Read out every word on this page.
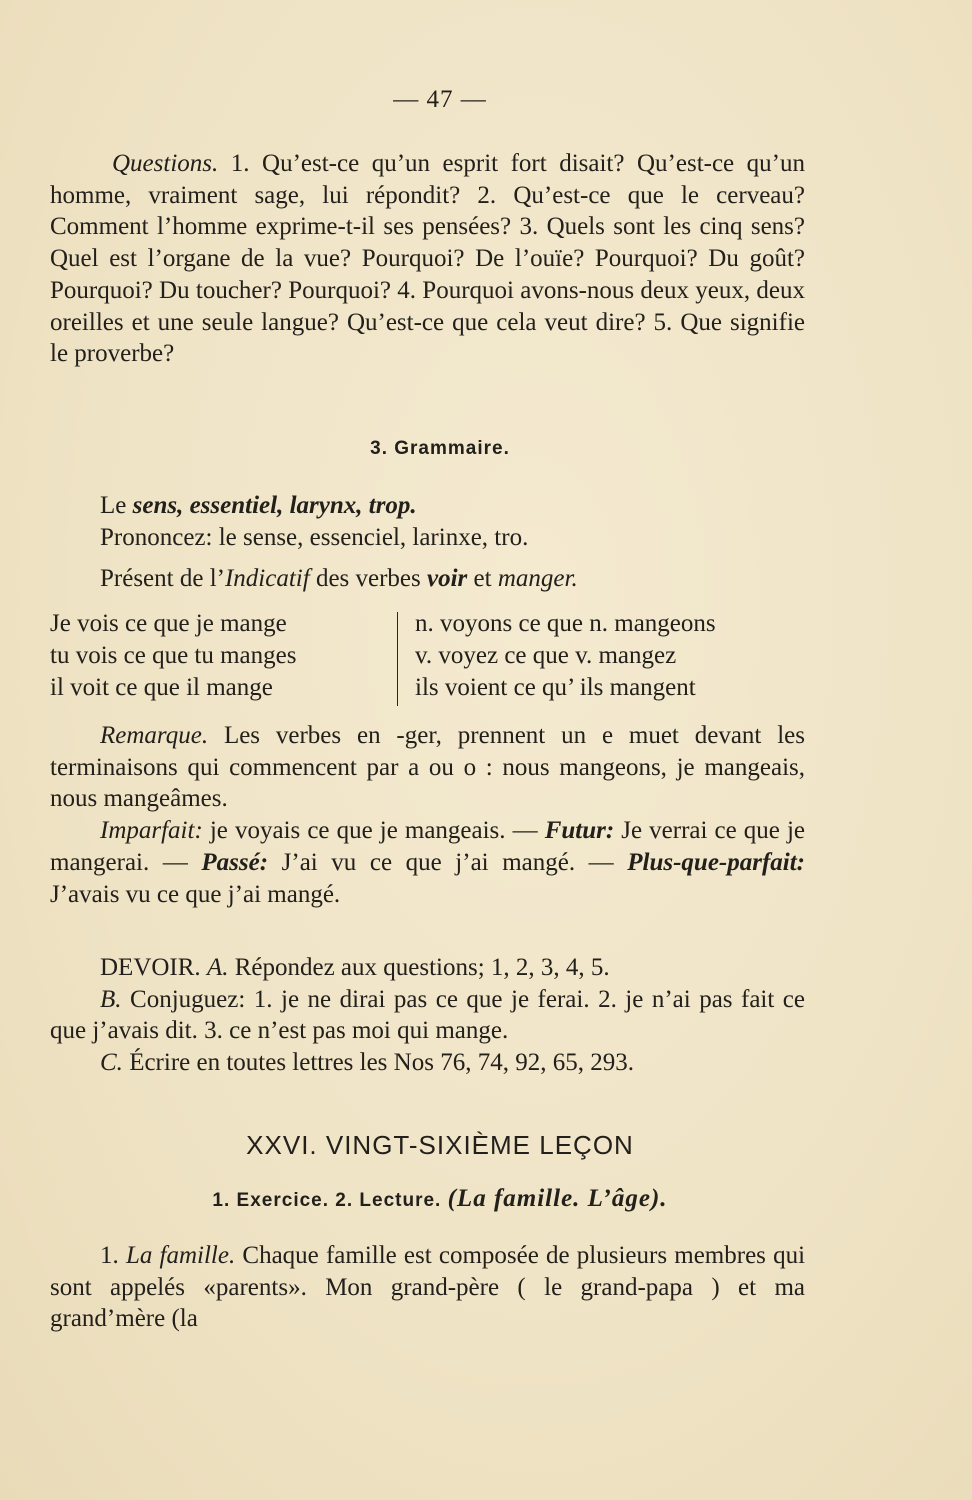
— 47 —

Questions. 1. Qu’est-ce qu’un esprit fort disait? Qu’est-ce qu’un homme, vraiment sage, lui répondit? 2. Qu’est-ce que le cerveau? Comment l’homme exprime-t-il ses pensées? 3. Quels sont les cinq sens? Quel est l’organe de la vue? Pourquoi? De l’ouïe? Pourquoi? Du goût? Pourquoi? Du toucher? Pourquoi? 4. Pourquoi avons-nous deux yeux, deux oreilles et une seule langue? Qu’est-ce que cela veut dire? 5. Que signifie le proverbe?

3. Grammaire.
Le sens, essentiel, larynx, trop.
Prononcez: le sense, essenciel, larinxe, tro.
Présent de l’Indicatif des verbes voir et manger.
Je vois ce que je mange
tu vois ce que tu manges
il voit ce que il mange
n. voyons ce que n. mangeons
v. voyez ce que v. mangez
ils voient ce qu’ ils mangent

Remarque. Les verbes en -ger, prennent un e muet devant les terminaisons qui commencent par a ou o : nous mangeons, je mangeais, nous mangeâmes.

Imparfait: je voyais ce que je mangeais. — Futur: Je verrai ce que je mangerai. — Passé: J’ai vu ce que j’ai mangé. — Plus-que-parfait: J’avais vu ce que j’ai mangé.

DEVOIR. A. Répondez aux questions; 1, 2, 3, 4, 5.

B. Conjuguez: 1. je ne dirai pas ce que je ferai. 2. je n’ai pas fait ce que j’avais dit. 3. ce n’est pas moi qui mange.

C. Écrire en toutes lettres les Nos 76, 74, 92, 65, 293.

XXVI. VINGT-SIXIÈME LEÇON
1. Exercice. 2. Lecture. (La famille. L’âge).

1. La famille. Chaque famille est composée de plusieurs membres qui sont appelés «parents». Mon grand-père ( le grand-papa ) et ma grand’mère (la
